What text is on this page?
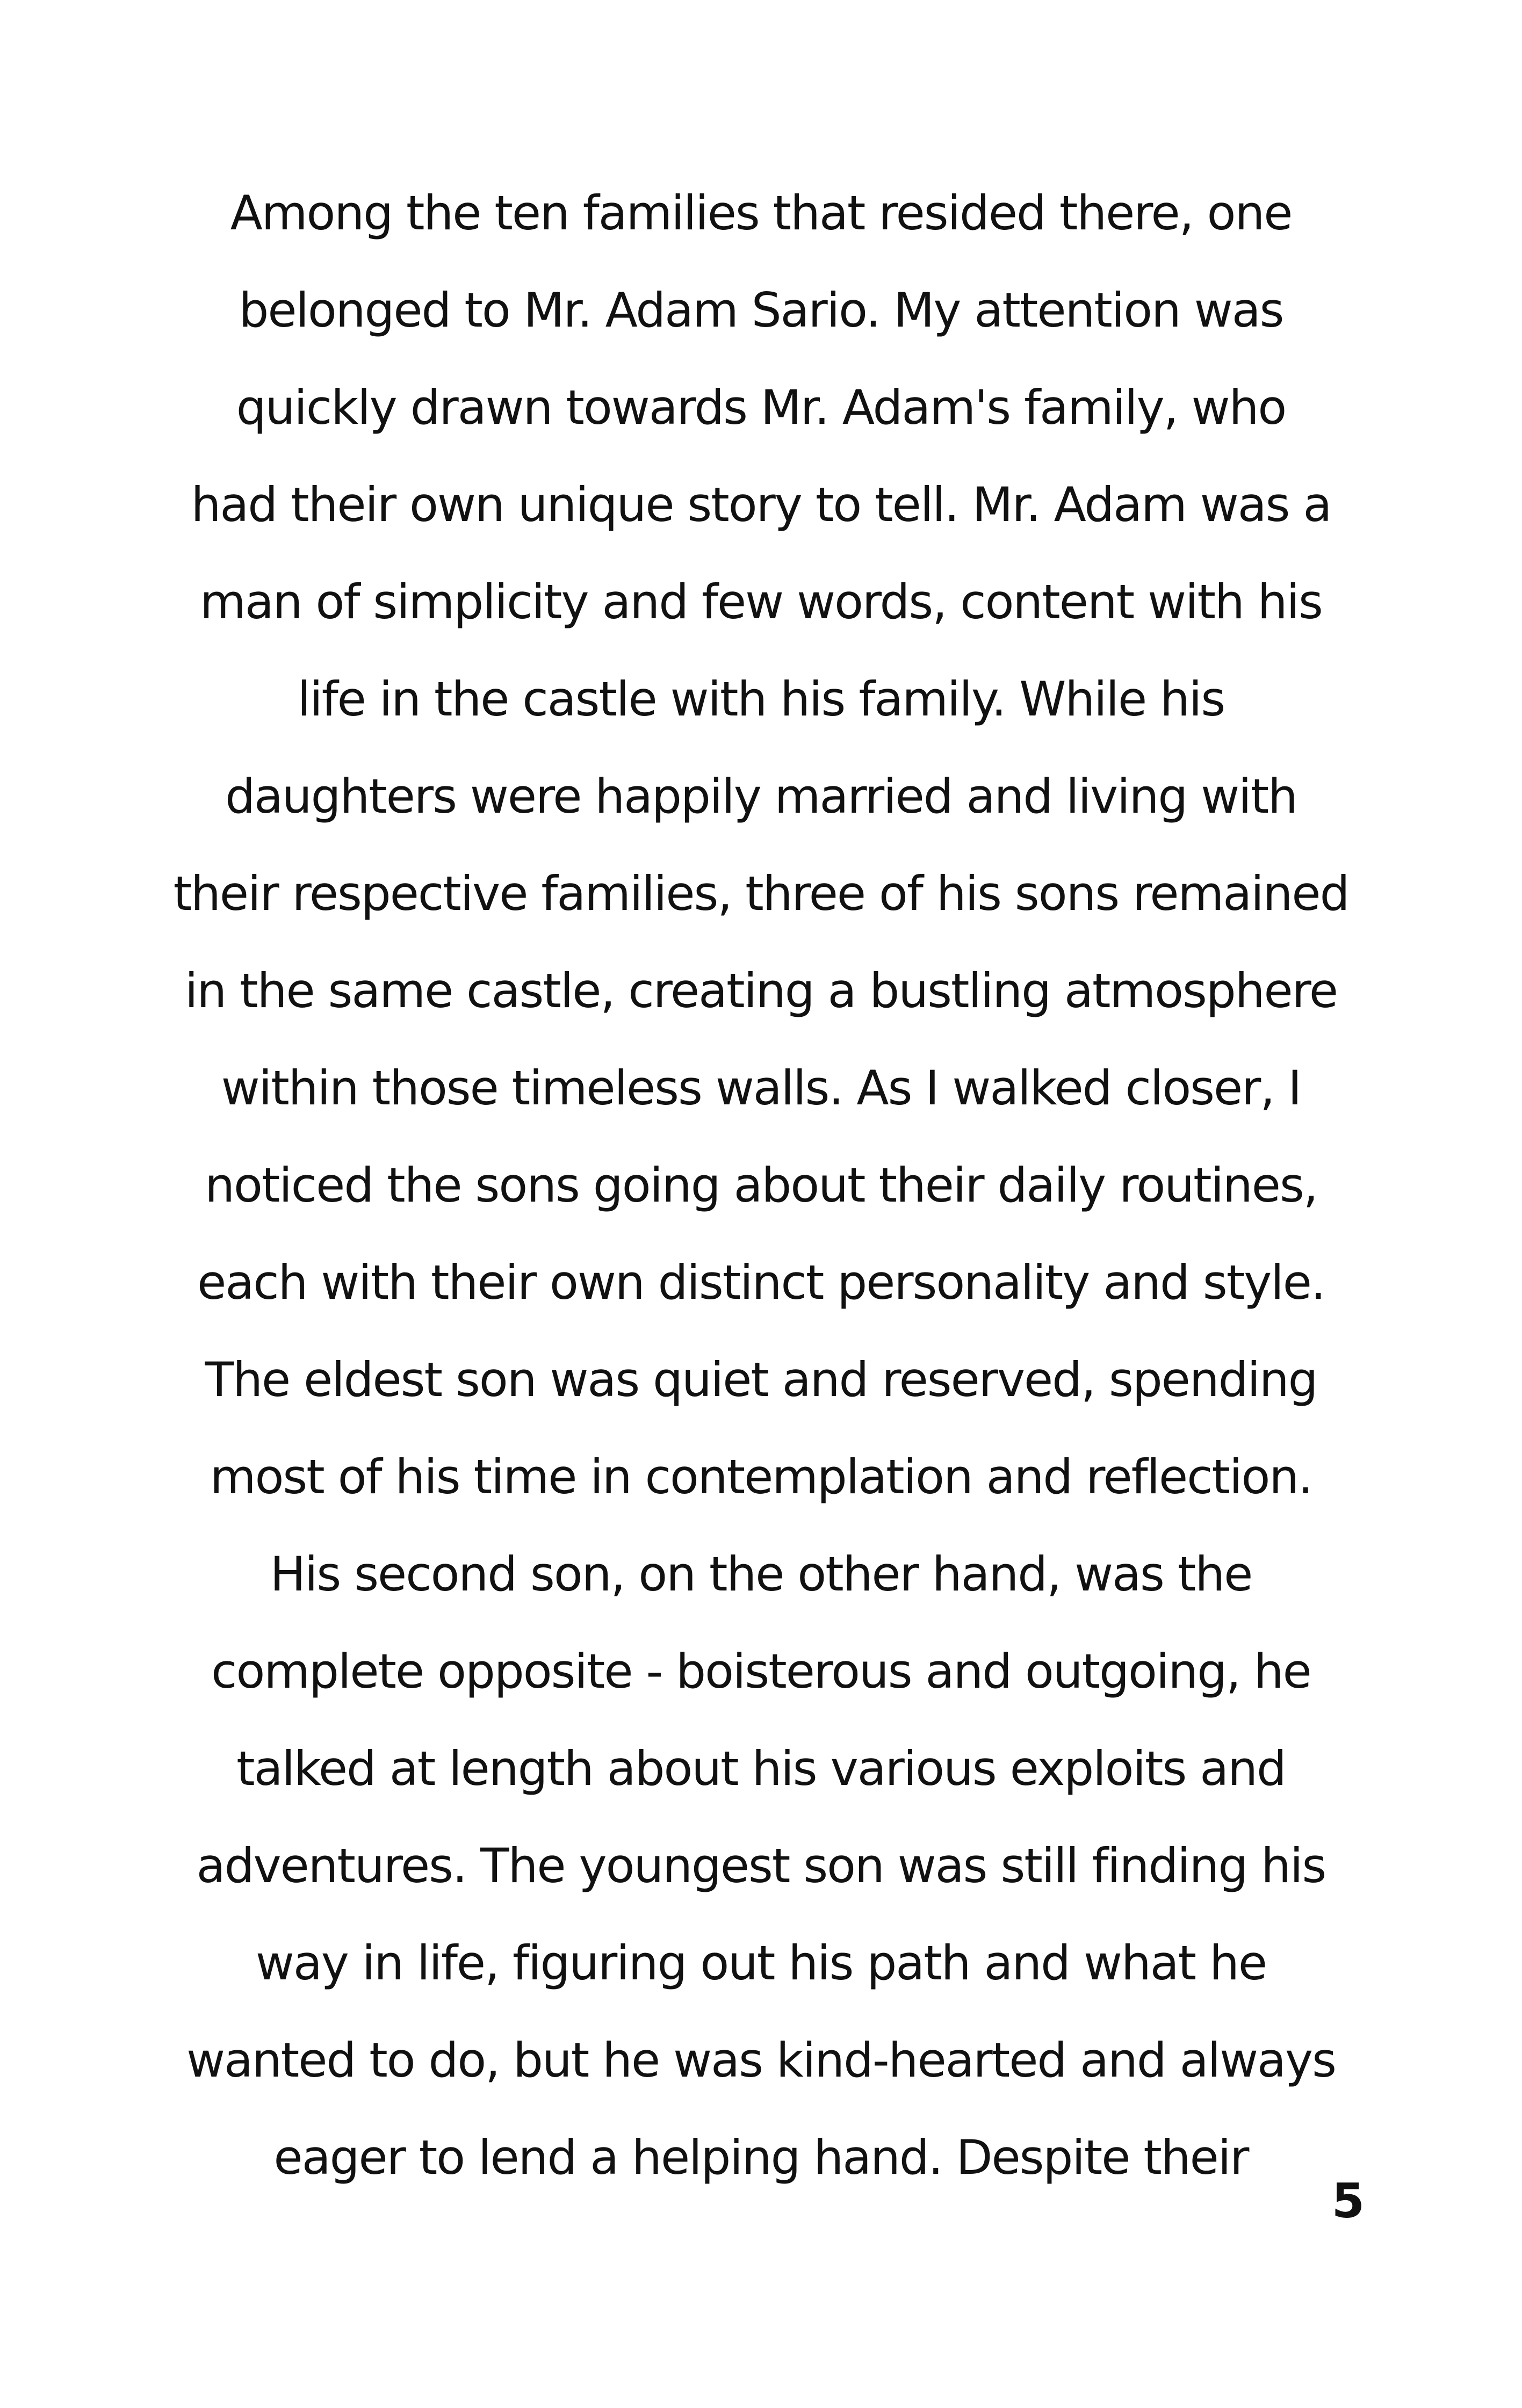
Among the ten families that resided there, one
belonged to Mr. Adam Sario. My attention was
quickly drawn towards Mr. Adam's family, who
had their own unique story to tell. Mr. Adam was a
man of simplicity and few words, content with his
life in the castle with his family. While his
daughters were happily married and living with
their respective families, three of his sons remained
in the same castle, creating a bustling atmosphere
within those timeless walls. As I walked closer, I
noticed the sons going about their daily routines,
each with their own distinct personality and style.
The eldest son was quiet and reserved, spending
most of his time in contemplation and reflection.
His second son, on the other hand, was the
complete opposite - boisterous and outgoing, he
talked at length about his various exploits and
adventures. The youngest son was still finding his
way in life, figuring out his path and what he
wanted to do, but he was kind-hearted and always
eager to lend a helping hand. Despite their
5
